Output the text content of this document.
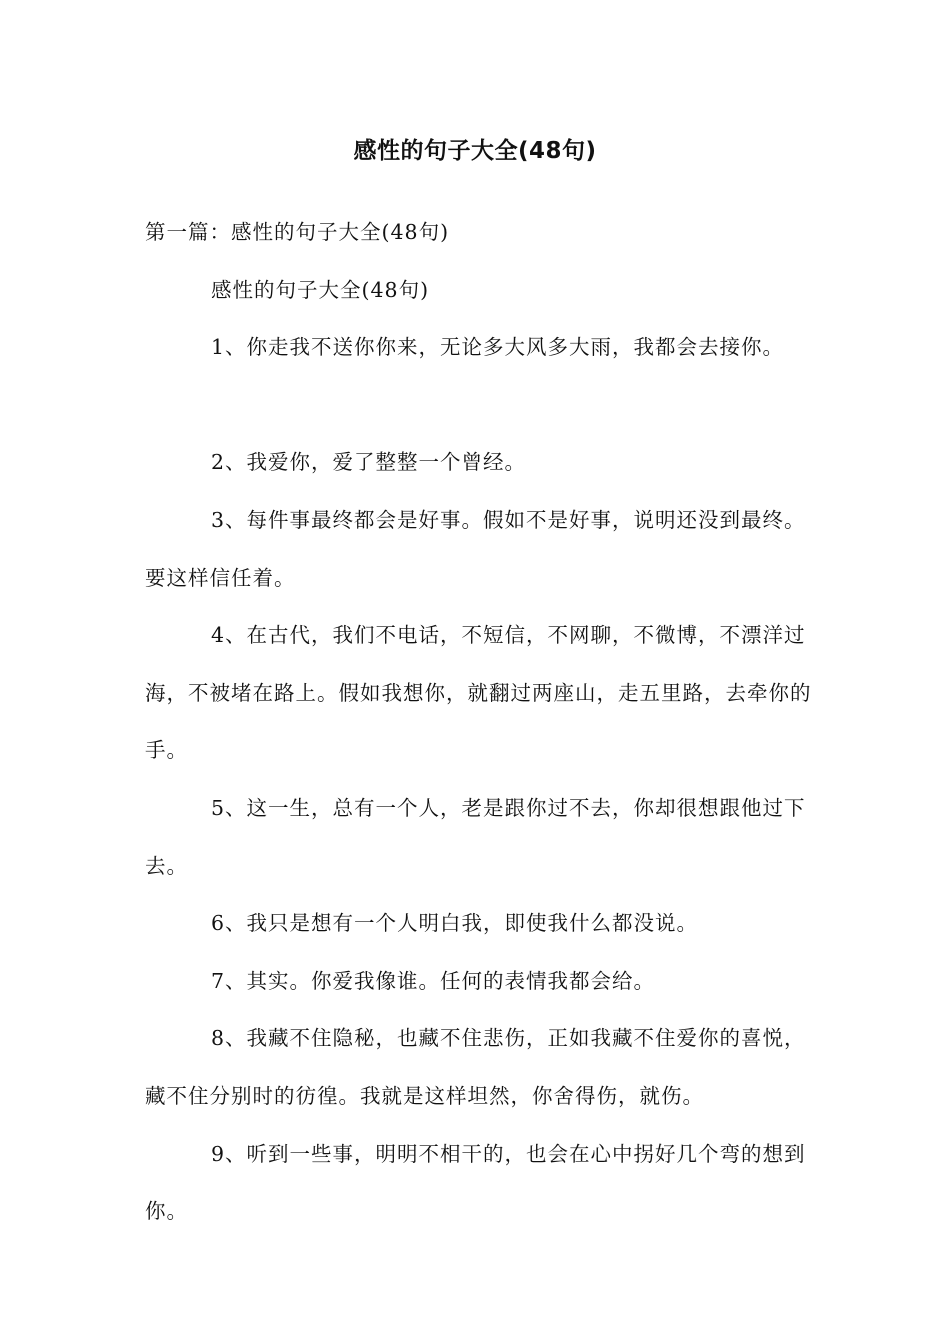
感性的句子大全(48句)

第一篇：感性的句子大全(48句)

感性的句子大全(48句)

1、你走我不送你你来，无论多大风多大雨，我都会去接你。

2、我爱你，爱了整整一个曾经。

3、每件事最终都会是好事。假如不是好事，说明还没到最终。要这样信任着。

4、在古代，我们不电话，不短信，不网聊，不微博，不漂洋过海，不被堵在路上。假如我想你，就翻过两座山，走五里路，去牵你的手。

5、这一生，总有一个人，老是跟你过不去，你却很想跟他过下去。

6、我只是想有一个人明白我，即使我什么都没说。

7、其实。你爱我像谁。任何的表情我都会给。

8、我藏不住隐秘，也藏不住悲伤，正如我藏不住爱你的喜悦，藏不住分别时的彷徨。我就是这样坦然，你舍得伤，就伤。

9、听到一些事，明明不相干的，也会在心中拐好几个弯的想到你。
